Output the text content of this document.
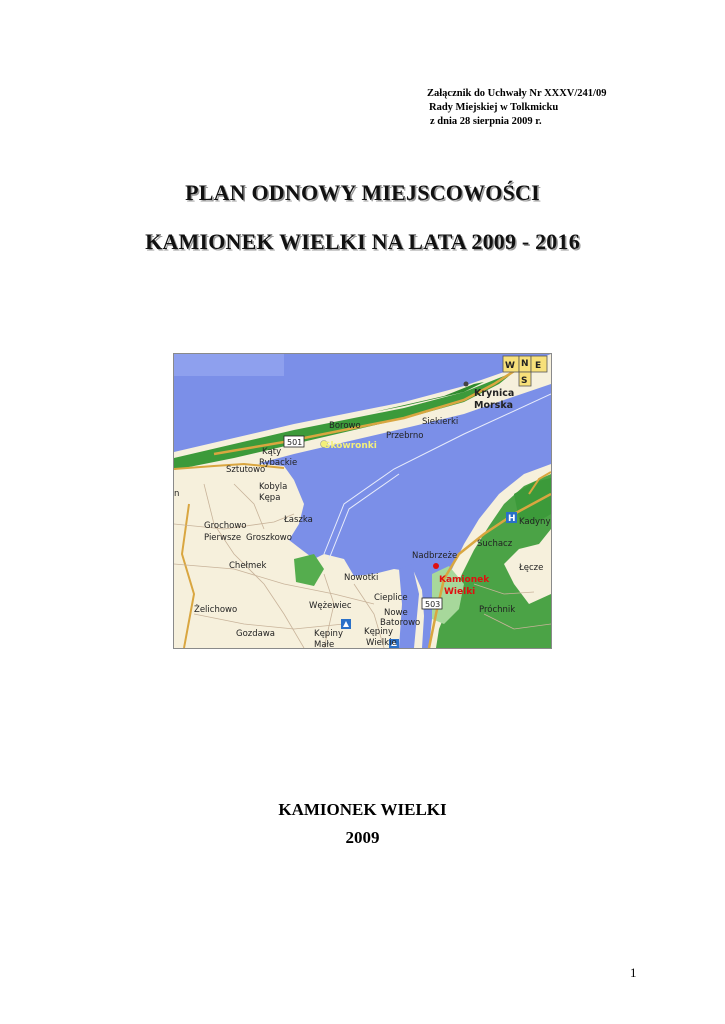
Załącznik do Uchwały Nr XXXV/241/09
Rady Miejskiej w Tolkmicku
z dnia 28 sierpnia 2009 r.
PLAN ODNOWY MIEJSCOWOŚCI
KAMIONEK WIELKI NA LATA 2009 - 2016
501
503
W N E
S
H
Krynica
Morska
Borowo	Siekierki
Przebrno
Skowronki
Kąty
Rybackie
Sztutowo
Kobyla
Kępa
Łaszka
Grochowo
Pierwsze Groszkowo
Chełmek
Żelichowo
Gozdawa
Wężewiec
Kępiny
Małe
Kępiny
Wielkie
Nowotki
Cieplice
Nowe
Batorowo
Nadbrzeże
Kamionek
Wielki
Suchacz
Łęcze
Próchnik
Kadyny
n
KAMIONEK WIELKI
2009
1
